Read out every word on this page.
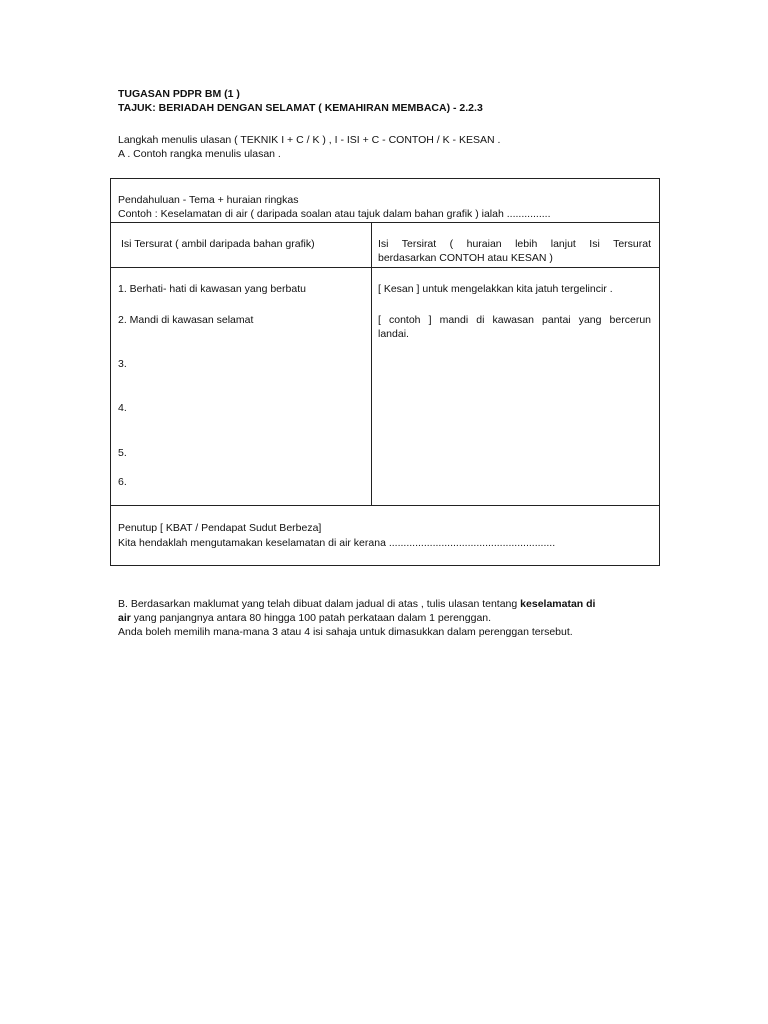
TUGASAN PDPR BM (1 )
TAJUK: BERIADAH DENGAN SELAMAT ( KEMAHIRAN MEMBACA) - 2.2.3
Langkah menulis ulasan ( TEKNIK I + C / K ) , I - ISI + C - CONTOH / K - KESAN .
A . Contoh rangka menulis ulasan .
Pendahuluan - Tema + huraian ringkas
Contoh : Keselamatan di air ( daripada soalan atau tajuk dalam bahan grafik ) ialah ...............
Isi Tersurat ( ambil daripada bahan grafik)	Isi Tersirat ( huraian lebih lanjut Isi Tersurat
berdasarkan CONTOH atau KESAN )
1. Berhati- hati di kawasan yang berbatu
2. Mandi di kawasan selamat
3.
4.
5.
6.
[ Kesan ] untuk mengelakkan kita jatuh tergelincir .
[ contoh ] mandi di kawasan pantai yang bercerun
landai.
Penutup [ KBAT / Pendapat Sudut Berbeza]
Kita hendaklah mengutamakan keselamatan di air kerana .........................................................
B. Berdasarkan maklumat yang telah dibuat dalam jadual di atas , tulis ulasan tentang keselamatan di
air yang panjangnya antara 80 hingga 100 patah perkataan dalam 1 perenggan.
Anda boleh memilih mana-mana 3 atau 4 isi sahaja untuk dimasukkan dalam perenggan tersebut.
